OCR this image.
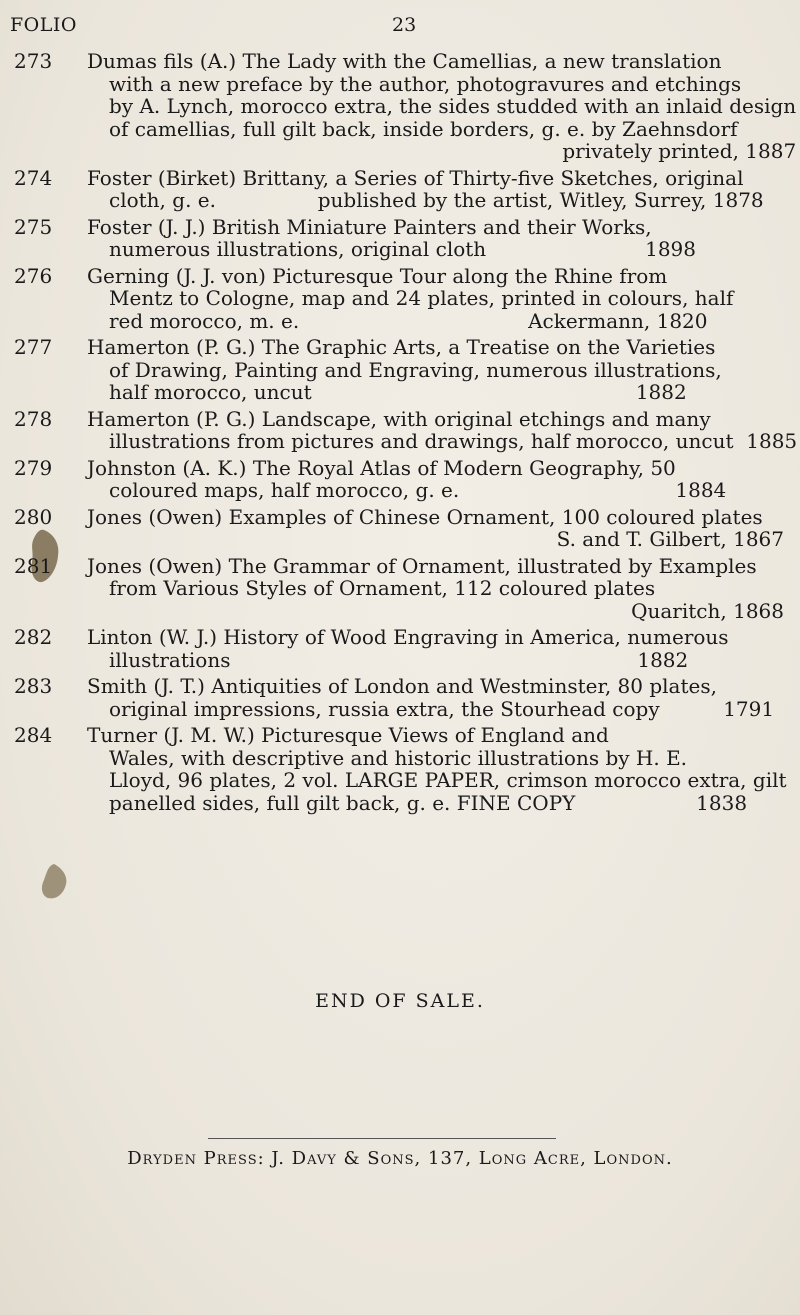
FOLIO	23
273	Dumas fils (A.) The Lady with the Camellias, a new translation
with a new preface by the author, photogravures and etchings
by A. Lynch, morocco extra, the sides studded with an inlaid design
of camellias, full gilt back, inside borders, g. e. by Zaehnsdorf
privately printed, 1887
274	Foster (Birket) Brittany, a Series of Thirty-five Sketches, original
cloth, g. e.                published by the artist, Witley, Surrey, 1878
275	Foster (J. J.) British Miniature Painters and their Works,
numerous illustrations, original cloth                         1898
276	Gerning (J. J. von) Picturesque Tour along the Rhine from
Mentz to Cologne, map and 24 plates, printed in colours, half
red morocco, m. e.                                    Ackermann, 1820
277	Hamerton (P. G.) The Graphic Arts, a Treatise on the Varieties
of Drawing, Painting and Engraving, numerous illustrations,
half morocco, uncut                                                   1882
278	Hamerton (P. G.) Landscape, with original etchings and many
illustrations from pictures and drawings, half morocco, uncut  1885
279	Johnston (A. K.) The Royal Atlas of Modern Geography, 50
coloured maps, half morocco, g. e.                                  1884
280	Jones (Owen) Examples of Chinese Ornament, 100 coloured plates
S. and T. Gilbert, 1867
281	Jones (Owen) The Grammar of Ornament, illustrated by Examples
from Various Styles of Ornament, 112 coloured plates
Quaritch, 1868
282	Linton (W. J.) History of Wood Engraving in America, numerous
illustrations                                                                1882
283	Smith (J. T.) Antiquities of London and Westminster, 80 plates,
original impressions, russia extra, the Stourhead copy          1791
284	Turner (J. M. W.) Picturesque Views of England and
Wales, with descriptive and historic illustrations by H. E.
Lloyd, 96 plates, 2 vol. LARGE PAPER, crimson morocco extra, gilt
panelled sides, full gilt back, g. e. FINE COPY                   1838
END OF SALE.
Dryden Press: J. Davy & Sons, 137, Long Acre, London.
